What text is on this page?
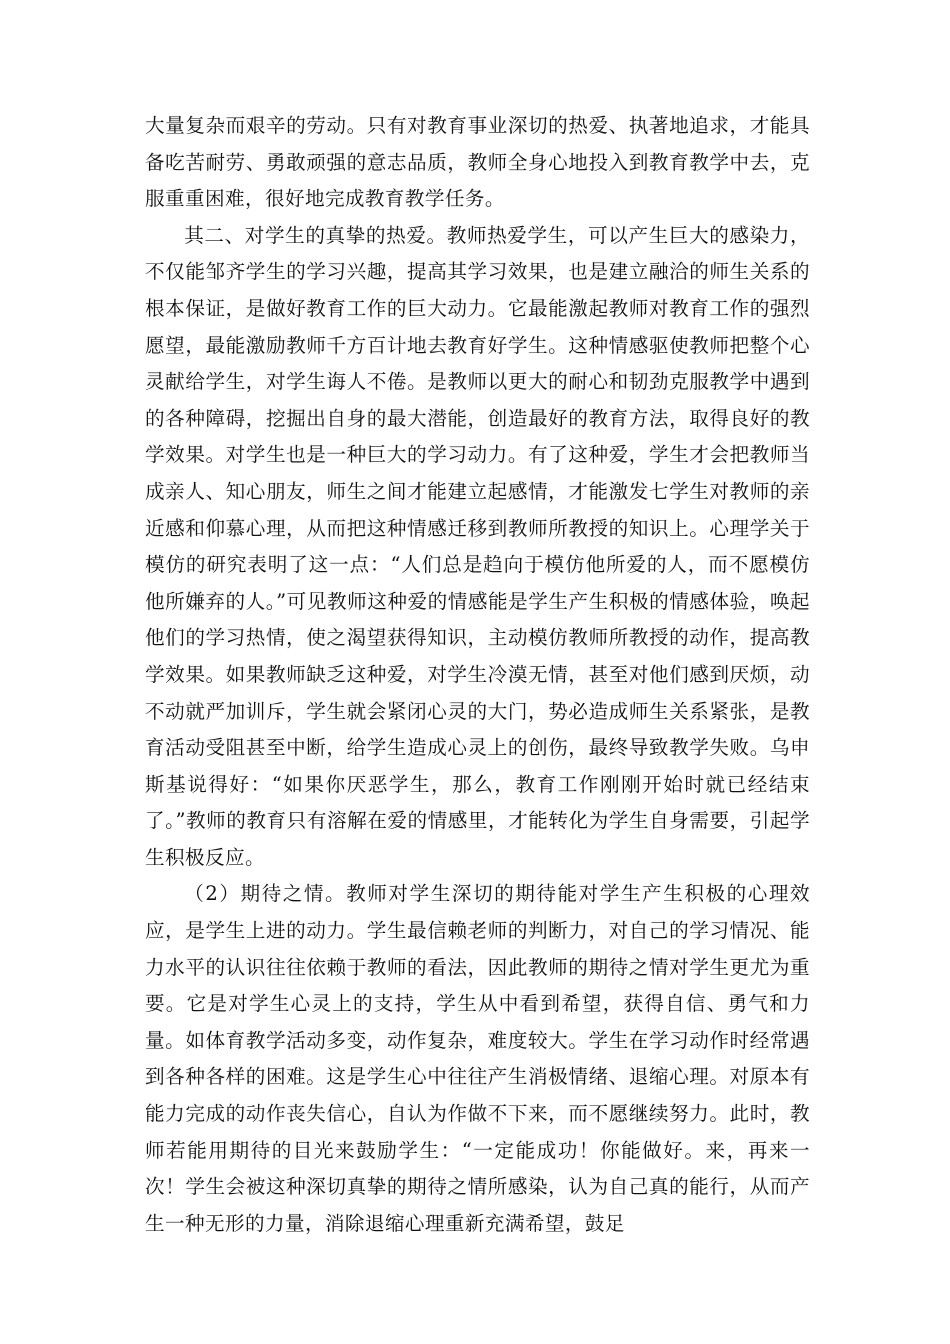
大量复杂而艰辛的劳动。只有对教育事业深切的热爱、执著地追求，才能具备吃苦耐劳、勇敢顽强的意志品质，教师全身心地投入到教育教学中去，克服重重困难，很好地完成教育教学任务。

其二、对学生的真挚的热爱。教师热爱学生，可以产生巨大的感染力，不仅能邹齐学生的学习兴趣，提高其学习效果，也是建立融洽的师生关系的根本保证，是做好教育工作的巨大动力。它最能激起教师对教育工作的强烈愿望，最能激励教师千方百计地去教育好学生。这种情感驱使教师把整个心灵献给学生，对学生诲人不倦。是教师以更大的耐心和韧劲克服教学中遇到的各种障碍，挖掘出自身的最大潜能，创造最好的教育方法，取得良好的教学效果。对学生也是一种巨大的学习动力。有了这种爱，学生才会把教师当成亲人、知心朋友，师生之间才能建立起感情，才能激发七学生对教师的亲近感和仰慕心理，从而把这种情感迁移到教师所教授的知识上。心理学关于模仿的研究表明了这一点：“人们总是趋向于模仿他所爱的人，而不愿模仿他所嫌弃的人。”可见教师这种爱的情感能是学生产生积极的情感体验，唤起他们的学习热情，使之渴望获得知识，主动模仿教师所教授的动作，提高教学效果。如果教师缺乏这种爱，对学生冷漠无情，甚至对他们感到厌烦，动不动就严加训斥，学生就会紧闭心灵的大门，势必造成师生关系紧张，是教育活动受阻甚至中断，给学生造成心灵上的创伤，最终导致教学失败。乌申斯基说得好：“如果你厌恶学生，那么，教育工作刚刚开始时就已经结束了。”教师的教育只有溶解在爱的情感里，才能转化为学生自身需要，引起学生积极反应。

（2）期待之情。教师对学生深切的期待能对学生产生积极的心理效应，是学生上进的动力。学生最信赖老师的判断力，对自己的学习情况、能力水平的认识往往依赖于教师的看法，因此教师的期待之情对学生更尤为重要。它是对学生心灵上的支持，学生从中看到希望，获得自信、勇气和力量。如体育教学活动多变，动作复杂，难度较大。学生在学习动作时经常遇到各种各样的困难。这是学生心中往往产生消极情绪、退缩心理。对原本有能力完成的动作丧失信心，自认为作做不下来，而不愿继续努力。此时，教师若能用期待的目光来鼓励学生：“一定能成功！你能做好。来，再来一次！学生会被这种深切真挚的期待之情所感染，认为自己真的能行，从而产生一种无形的力量，消除退缩心理重新充满希望，鼓足
